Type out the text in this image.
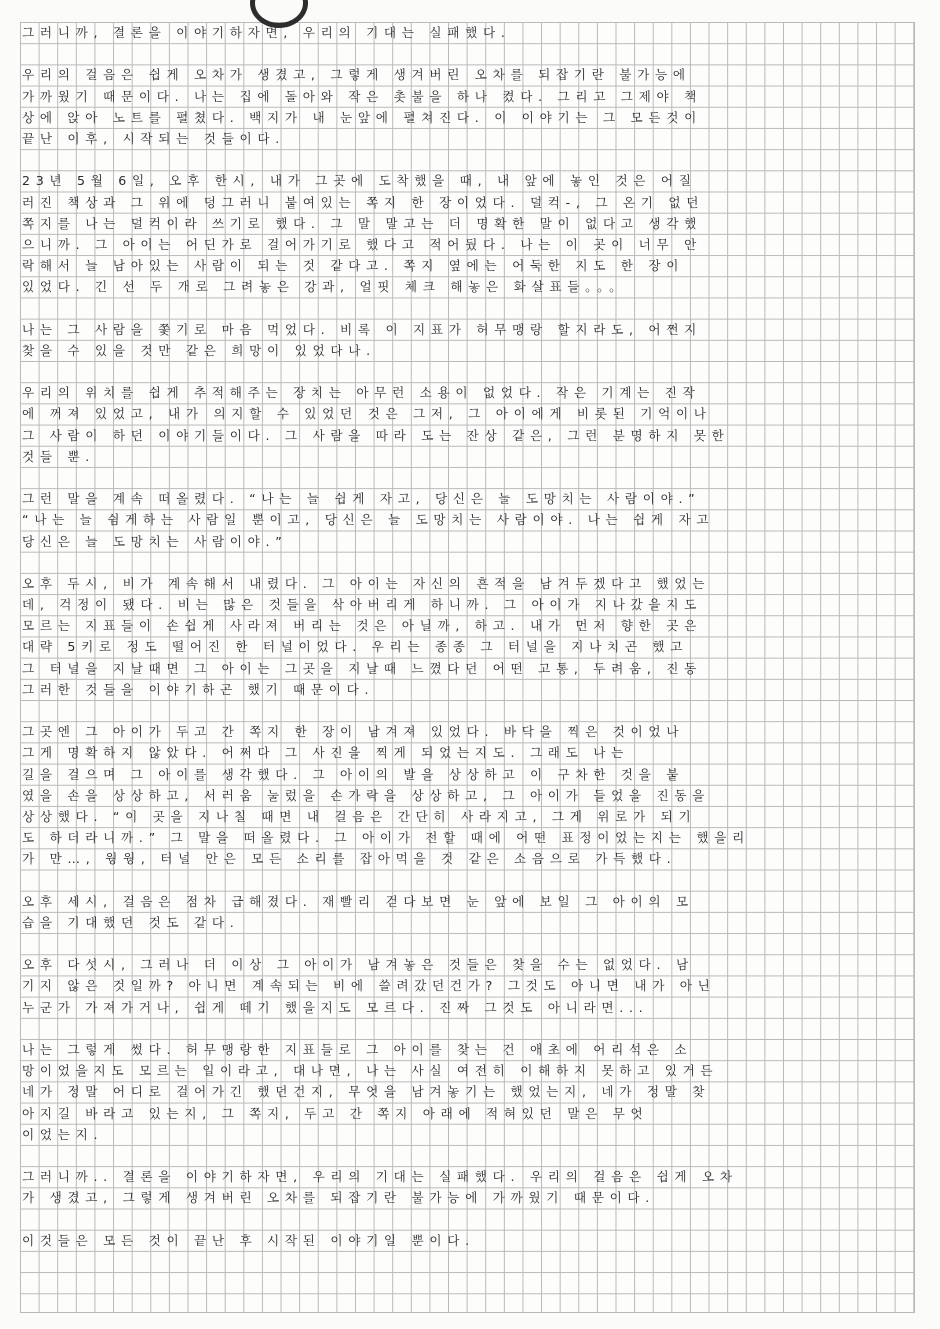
그러니까, 결론을 이야기하자면, 우리의 기대는 실패했다.
우리의 걸음은 쉽게 오차가 생겼고, 그렇게 생겨버린 오차를 되잡기란 불가능에
가까웠기 때문이다. 나는 집에 돌아와 작은 촛불을 하나 켰다. 그리고 그제야 책
상에 앉아 노트를 펼쳤다. 백지가 내 눈앞에 펼쳐진다. 이 이야기는 그 모든것이
끝난 이후, 시작되는 것들이다.
23년 5월 6일, 오후 한시, 내가 그곳에 도착했을 때, 내 앞에 놓인 것은 어질
러진 책상과 그 위에 덩그러니 붙여있는 쪽지 한 장이었다. 덜컥-, 그 온기 없던
쪽지를 나는 덜컥이라 쓰기로 했다. 그 말 말고는 더 명확한 말이 없다고 생각했
으니까. 그 아이는 어딘가로 걸어가기로 했다고 적어뒀다. 나는 이 곳이 너무 안
락해서 늘 남아있는 사람이 되는 것 같다고. 쪽지 옆에는 어둑한 지도 한 장이
있었다. 긴 선 두 개로 그려놓은 강과, 얼핏 체크 해놓은 화살표들。。。
나는 그 사람을 쫓기로 마음 먹었다. 비록 이 지표가 허무맹랑 할지라도, 어쩐지
찾을 수 있을 것만 같은 희망이 있었다나.
우리의 위치를 쉽게 추적해주는 장치는 아무런 소용이 없었다. 작은 기계는 진작
에 꺼져 있었고, 내가 의지할 수 있었던 것은 그저, 그 아이에게 비롯된 기억이나
그 사람이 하던 이야기들이다. 그 사람을 따라 도는 잔상 같은, 그런 분명하지 못한
것들 뿐.
그런 말을 계속 떠올렸다. “나는 늘 쉽게 자고, 당신은 늘 도망치는 사람이야.”
“나는 늘 쉼게하는 사람일 뿐이고, 당신은 늘 도망치는 사람이야. 나는 쉽게 자고
당신은 늘 도망치는 사람이야.”
오후 두시, 비가 계속해서 내렸다. 그 아이는 자신의 흔적을 남겨두겠다고 했었는
데, 걱정이 됐다. 비는 많은 것들을 삭아버리게 하니까. 그 아이가 지나갔을지도
모르는 지표들이 손쉽게 사라져 버리는 것은 아닐까, 하고. 내가 먼저 향한 곳은
대략 5키로 정도 떨어진 한 터널이었다. 우리는 종종 그 터널을 지나치곤 했고
그 터널을 지날때면 그 아이는 그곳을 지날때 느꼈다던 어떤 고통, 두려움, 진동
그러한 것들을 이야기하곤 했기 때문이다.
그곳엔 그 아이가 두고 간 쪽지 한 장이 남겨져 있었다. 바닥을 찍은 것이었나
그게 명확하지 않았다. 어쩌다 그 사진을 찍게 되었는지도. 그래도 나는
길을 걸으며 그 아이를 생각했다. 그 아이의 발을 상상하고 이 구차한 것을 붙
였을 손을 상상하고, 서러움 눌렀을 손가락을 상상하고, 그 아이가 들었을 진동을
상상했다. “이 곳을 지나칠 때면 내 걸음은 간단히 사라지고, 그게 위로가 되기
도 하더라니까.” 그 말을 떠올렸다. 그 아이가 전할 때에 어떤 표정이었는지는 했을리
가 만…, 웡웡, 터널 안은 모든 소리를 잡아먹을 것 같은 소음으로 가득했다.
오후 세시, 걸음은 점차 급해졌다. 재빨리 걷다보면 눈 앞에 보일 그 아이의 모
습을 기대했던 것도 같다.
오후 다섯시, 그러나 더 이상 그 아이가 남겨놓은 것들은 찾을 수는 없었다. 남
기지 않은 것일까? 아니면 계속되는 비에 쓸려갔던건가? 그것도 아니면 내가 아닌
누군가 가져가거나, 쉽게 떼기 했을지도 모르다. 진짜 그것도 아니라면...
나는 그렇게 썼다. 허무맹랑한 지표들로 그 아이를 찾는 건 애초에 어리석은 소
망이었을지도 모르는 일이라고, 대나면, 나는 사실 여전히 이해하지 못하고 있거든
네가 정말 어디로 걸어가긴 했던건지, 무엇을 남겨놓기는 했었는지, 네가 정말 찾
아지길 바라고 있는지, 그 쪽지, 두고 간 쪽지 아래에 적혀있던 말은 무엇
이었는지.
그러니까.. 결론을 이야기하자면, 우리의 기대는 실패했다. 우리의 걸음은 쉽게 오차
가 생겼고, 그렇게 생겨버린 오차를 되잡기란 불가능에 가까웠기 때문이다.
이것들은 모든 것이 끝난 후 시작된 이야기일 뿐이다.
